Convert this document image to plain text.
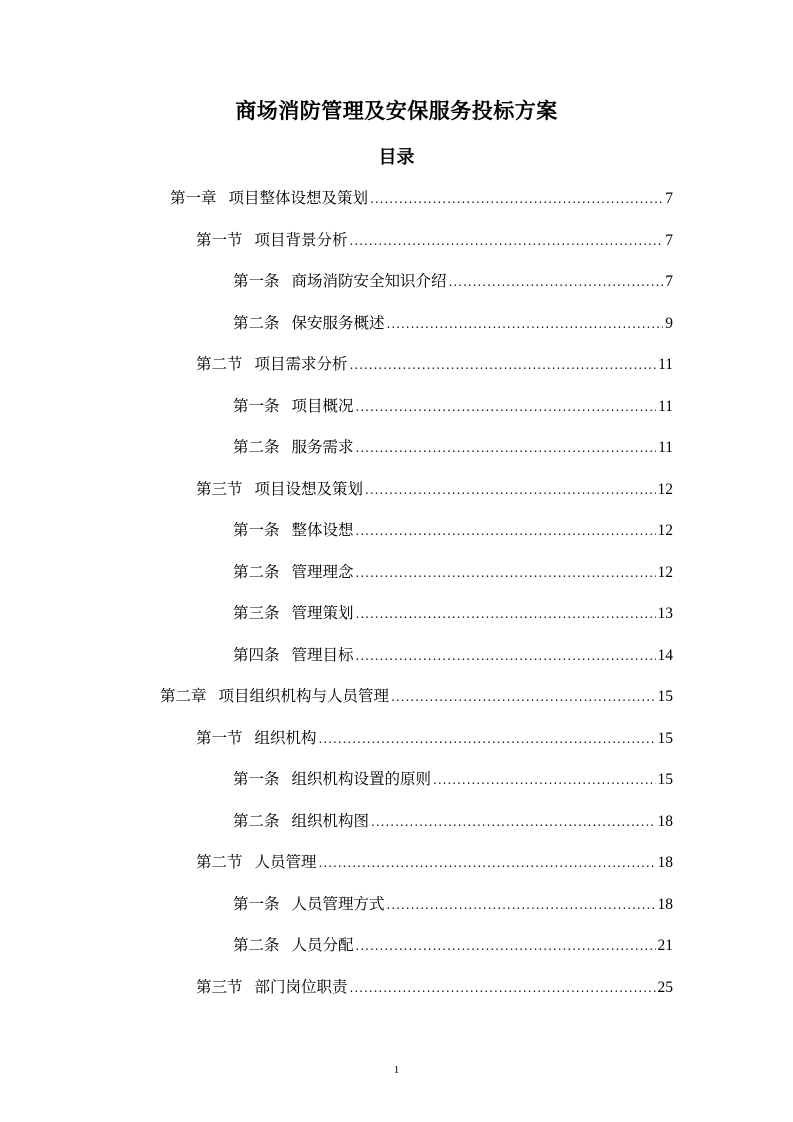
商场消防管理及安保服务投标方案
目录
第一章 项目整体设想及策划 .....	7
第一节 项目背景分析 .....	7
第一条 商场消防安全知识介绍 .....	7
第二条 保安服务概述 .....	9
第二节 项目需求分析 .....	11
第一条 项目概况 .....	11
第二条 服务需求 .....	11
第三节 项目设想及策划 .....	12
第一条 整体设想 .....	12
第二条 管理理念 .....	12
第三条 管理策划 .....	13
第四条 管理目标 .....	14
第二章 项目组织机构与人员管理 .....	15
第一节 组织机构 .....	15
第一条 组织机构设置的原则 .....	15
第二条 组织机构图 .....	18
第二节 人员管理 .....	18
第一条 人员管理方式 .....	18
第二条 人员分配 .....	21
第三节 部门岗位职责 .....	25
1
